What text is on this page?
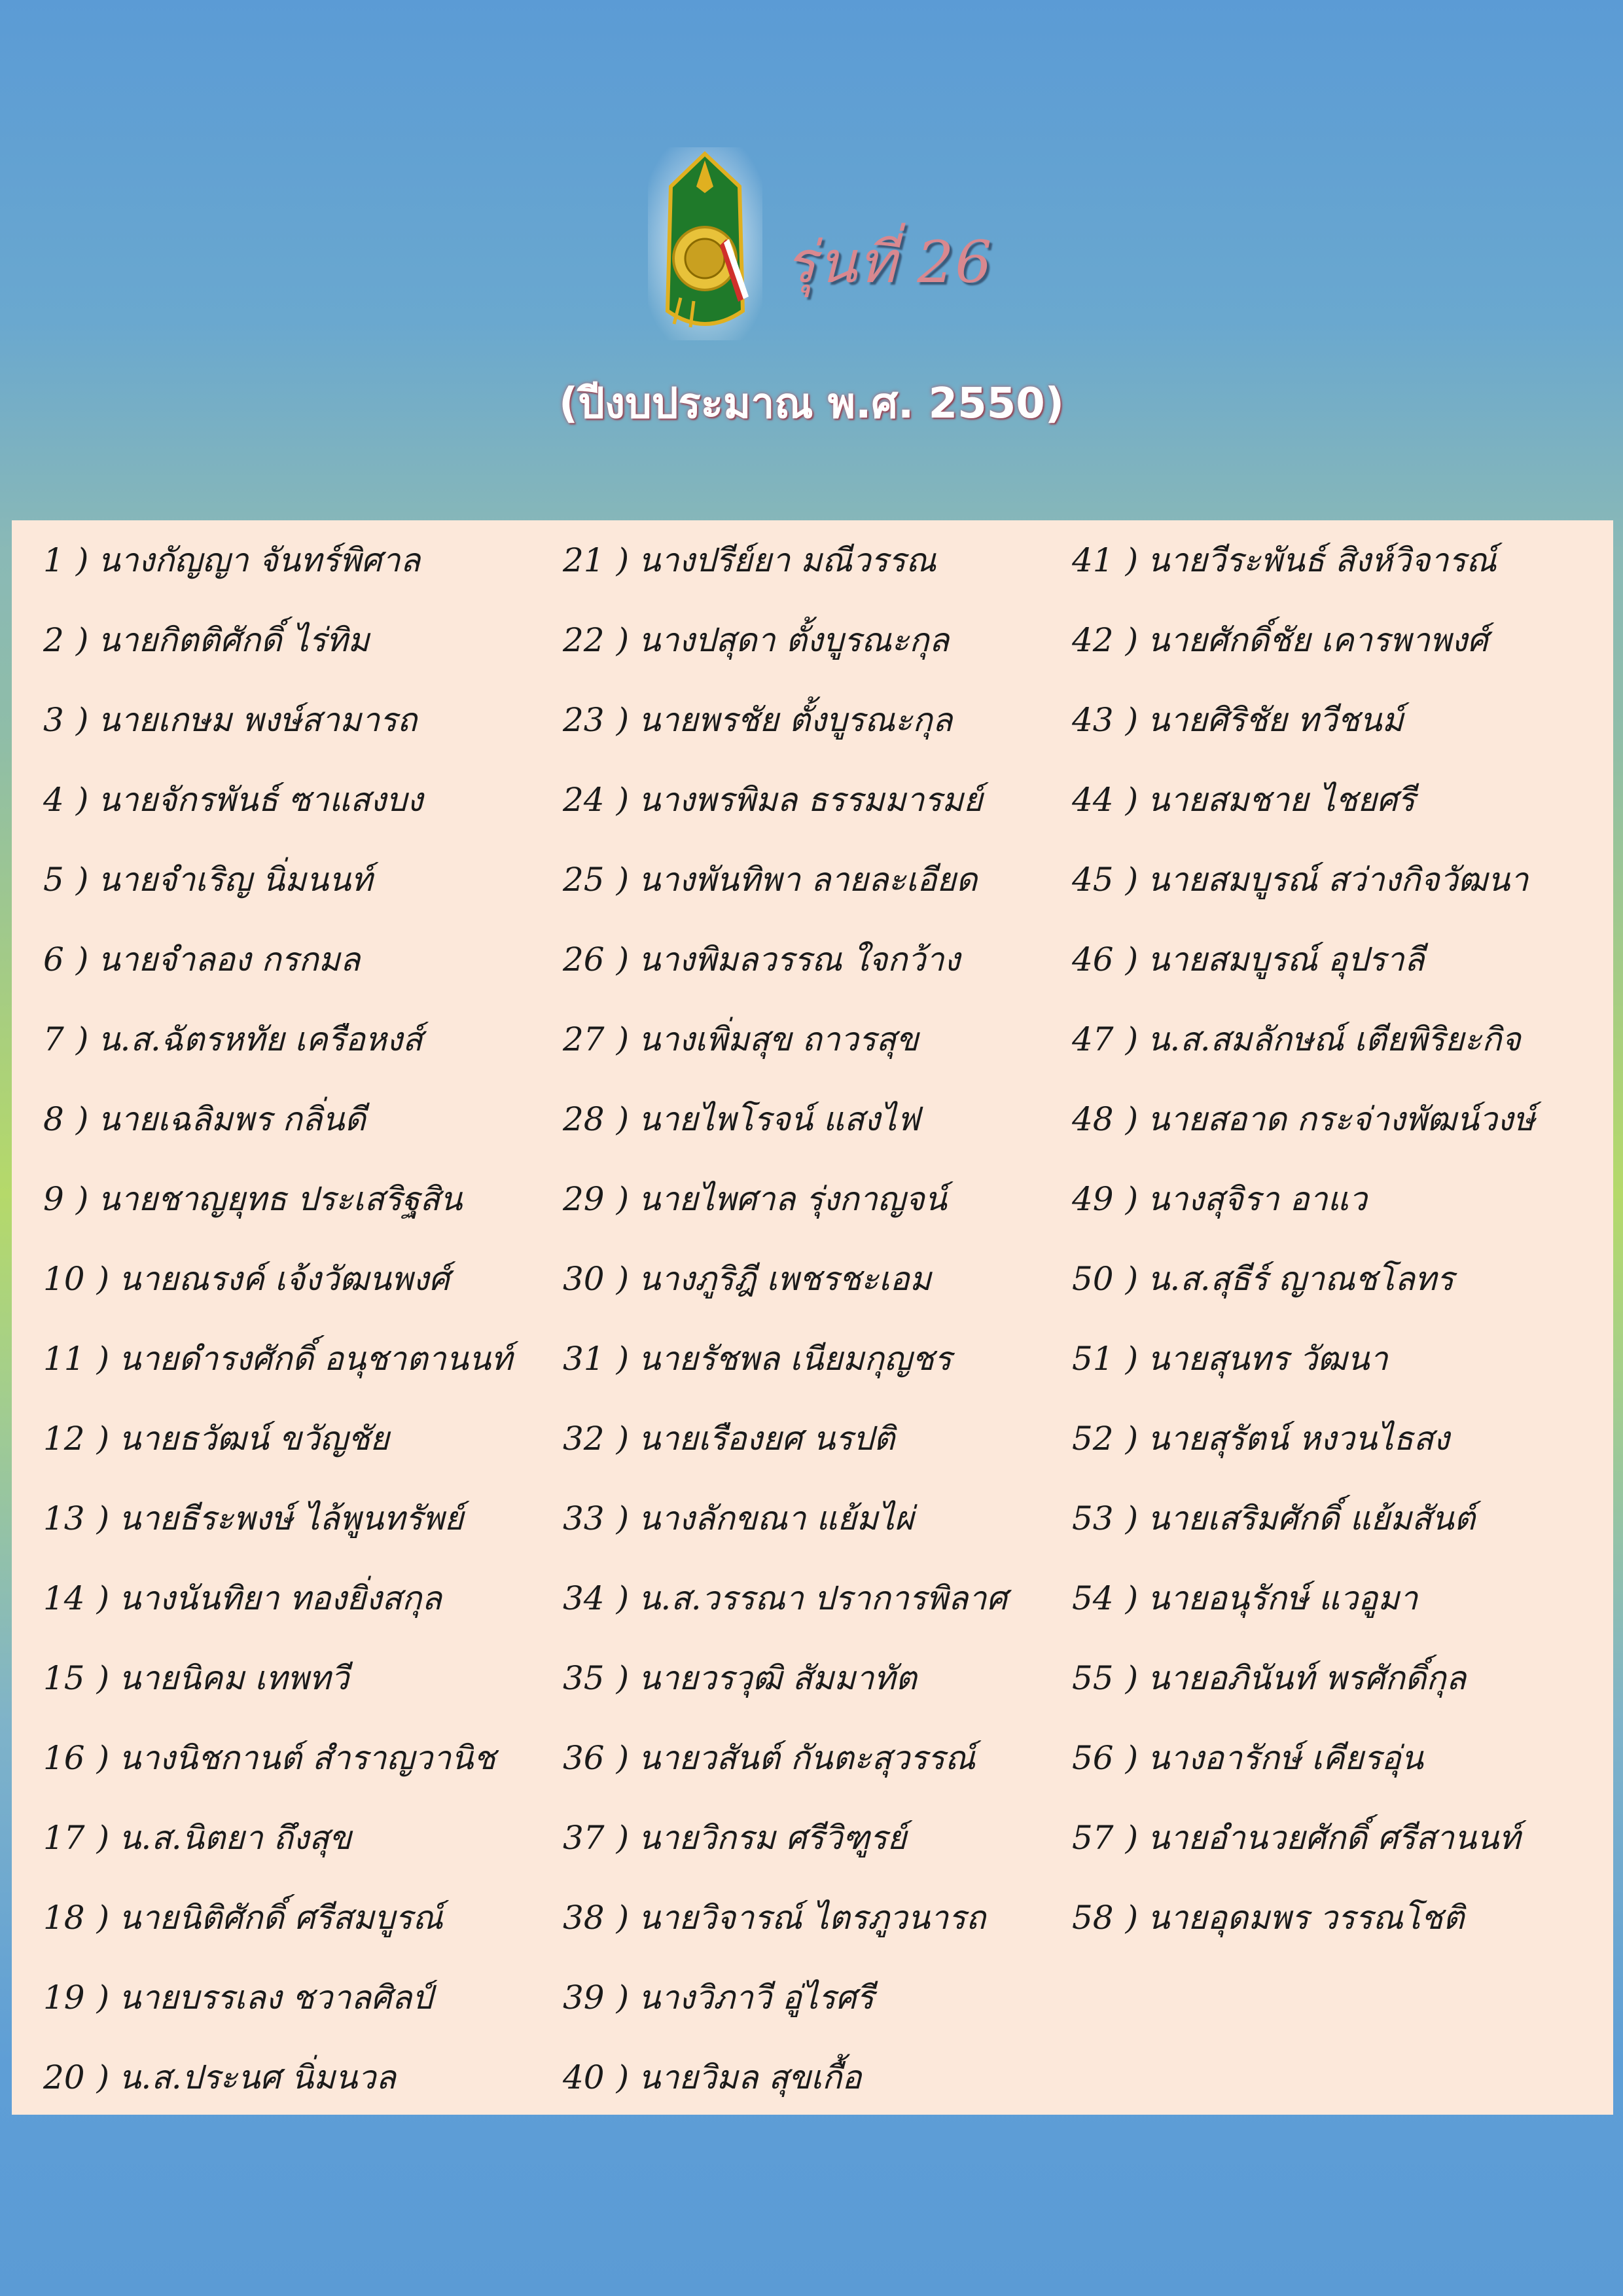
รุ่นที่ 26
(ปีงบประมาณ พ.ศ. 2550)
1 ) นางกัญญา จันทร์พิศาล
2 ) นายกิตติศักดิ์ ไร่ทิม
3 ) นายเกษม พงษ์สามารถ
4 ) นายจักรพันธ์ ซาแสงบง
5 ) นายจำเริญ นิ่มนนท์
6 ) นายจำลอง กรกมล
7 ) น.ส.ฉัตรหทัย เครือหงส์
8 ) นายเฉลิมพร กลิ่นดี
9 ) นายชาญยุทธ ประเสริฐสิน
10 ) นายณรงค์ เจ้งวัฒนพงศ์
11 ) นายดำรงศักดิ์ อนุชาตานนท์
12 ) นายธวัฒน์ ขวัญชัย
13 ) นายธีระพงษ์ ไล้พูนทรัพย์
14 ) นางนันทิยา ทองยิ่งสกุล
15 ) นายนิคม เทพทวี
16 ) นางนิชกานต์ สำราญวานิช
17 ) น.ส.นิตยา ถึงสุข
18 ) นายนิติศักดิ์ ศรีสมบูรณ์
19 ) นายบรรเลง ชวาลศิลป์
20 ) น.ส.ประนศ นิ่มนวล
21 ) นางปรีย์ยา มณีวรรณ
22 ) นางปสุดา ตั้งบูรณะกุล
23 ) นายพรชัย ตั้งบูรณะกุล
24 ) นางพรพิมล ธรรมมารมย์
25 ) นางพันทิพา ลายละเอียด
26 ) นางพิมลวรรณ ใจกว้าง
27 ) นางเพิ่มสุข ถาวรสุข
28 ) นายไพโรจน์ แสงไฟ
29 ) นายไพศาล รุ่งกาญจน์
30 ) นางภูริฎี เพชรชะเอม
31 ) นายรัชพล เนียมกุญชร
32 ) นายเรืองยศ นรปติ
33 ) นางลักขณา แย้มไผ่
34 ) น.ส.วรรณา ปราการพิลาศ
35 ) นายวรวุฒิ สัมมาทัต
36 ) นายวสันต์ กันตะสุวรรณ์
37 ) นายวิกรม ศรีวิฑูรย์
38 ) นายวิจารณ์ ไตรภูวนารถ
39 ) นางวิภาวี อู่ไรศรี
40 ) นายวิมล สุขเกื้อ
41 ) นายวีระพันธ์ สิงห์วิจารณ์
42 ) นายศักดิ์ชัย เคารพาพงศ์
43 ) นายศิริชัย ทวีชนม์
44 ) นายสมชาย ไชยศรี
45 ) นายสมบูรณ์ สว่างกิจวัฒนา
46 ) นายสมบูรณ์ อุปราลี
47 ) น.ส.สมลักษณ์ เตียพิริยะกิจ
48 ) นายสอาด กระจ่างพัฒน์วงษ์
49 ) นางสุจิรา อาแว
50 ) น.ส.สุธีร์ ญาณชโลทร
51 ) นายสุนทร วัฒนา
52 ) นายสุรัตน์ หงวนไธสง
53 ) นายเสริมศักดิ์ แย้มสันต์
54 ) นายอนุรักษ์ แวอูมา
55 ) นายอภินันท์ พรศักดิ์กุล
56 ) นางอารักษ์ เคียรอุ่น
57 ) นายอำนวยศักดิ์ ศรีสานนท์
58 ) นายอุดมพร วรรณโชติ
